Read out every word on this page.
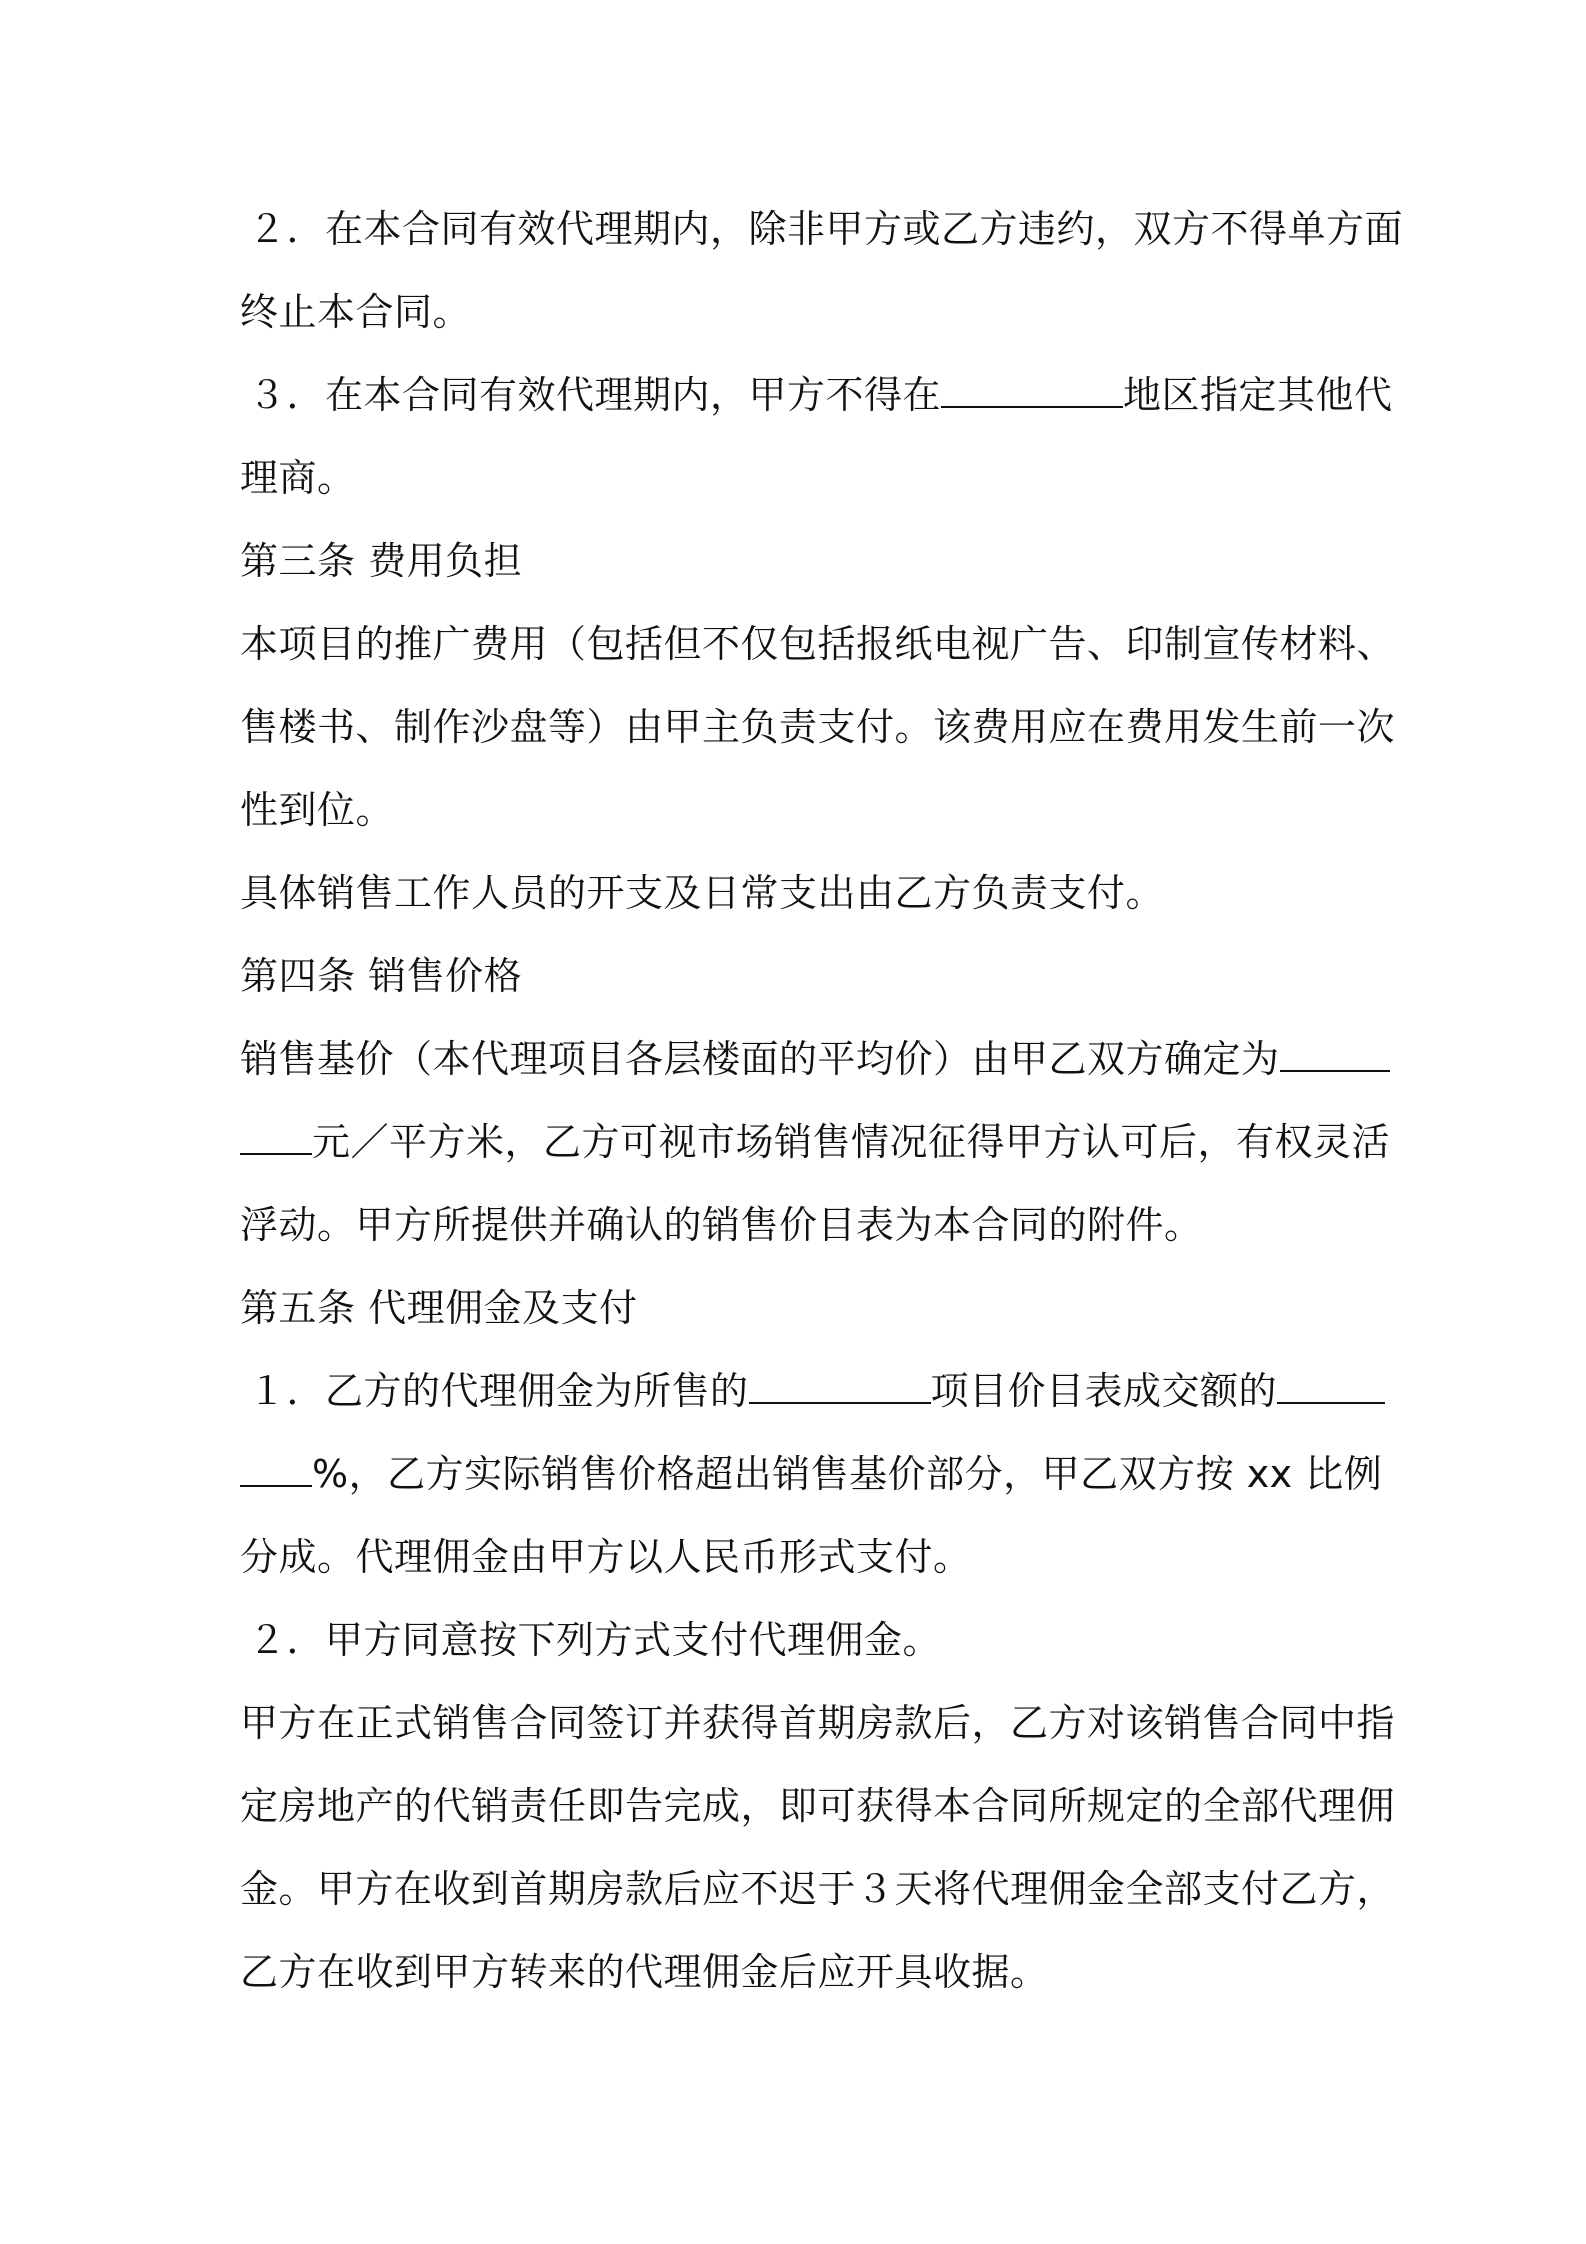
２．在本合同有效代理期内，除非甲方或乙方违约，双方不得单方面
终止本合同。
３．在本合同有效代理期内，甲方不得在	地区指定其他代
理商。
第三条 费用负担
本项目的推广费用（包括但不仅包括报纸电视广告、印制宣传材料、
售楼书、制作沙盘等）由甲主负责支付。该费用应在费用发生前一次
性到位。
具体销售工作人员的开支及日常支出由乙方负责支付。
第四条 销售价格
销售基价（本代理项目各层楼面的平均价）由甲乙双方确定为
元／平方米，乙方可视市场销售情况征得甲方认可后，有权灵活
浮动。甲方所提供并确认的销售价目表为本合同的附件。
第五条 代理佣金及支付
１．乙方的代理佣金为所售的	项目价目表成交额的
%，乙方实际销售价格超出销售基价部分，甲乙双方按 xx 比例
分成。代理佣金由甲方以人民币形式支付。
２．甲方同意按下列方式支付代理佣金。
甲方在正式销售合同签订并获得首期房款后，乙方对该销售合同中指
定房地产的代销责任即告完成，即可获得本合同所规定的全部代理佣
金。甲方在收到首期房款后应不迟于３天将代理佣金全部支付乙方，
乙方在收到甲方转来的代理佣金后应开具收据。
